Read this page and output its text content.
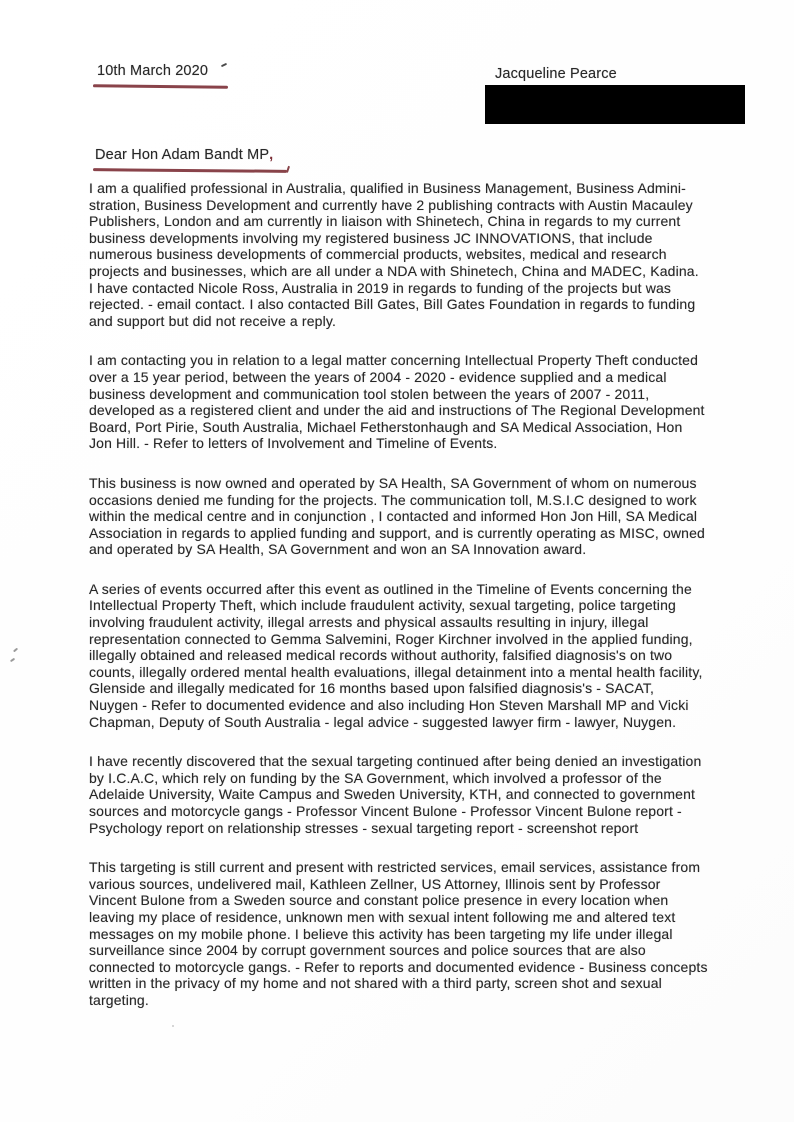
10th March 2020	Jacqueline Pearce
Dear Hon Adam Bandt MP,
I am a qualified professional in Australia, qualified in Business Management, Business Admini-
stration, Business Development and currently have 2 publishing contracts with Austin Macauley
Publishers, London and am currently in liaison with Shinetech, China in regards to my current
business developments involving my registered business JC INNOVATIONS, that include
numerous business developments of commercial products, websites, medical and research
projects and businesses, which are all under a NDA with Shinetech, China and MADEC, Kadina.
I have contacted Nicole Ross, Australia in 2019 in regards to funding of the projects but was
rejected. - email contact. I also contacted Bill Gates, Bill Gates Foundation in regards to funding
and support but did not receive a reply.
I am contacting you in relation to a legal matter concerning Intellectual Property Theft conducted
over a 15 year period, between the years of 2004 - 2020 - evidence supplied and a medical
business development and communication tool stolen between the years of 2007 - 2011,
developed as a registered client and under the aid and instructions of The Regional Development
Board, Port Pirie, South Australia, Michael Fetherstonhaugh and SA Medical Association, Hon
Jon Hill. - Refer to letters of Involvement and Timeline of Events.
This business is now owned and operated by SA Health, SA Government of whom on numerous
occasions denied me funding for the projects. The communication toll, M.S.I.C designed to work
within the medical centre and in conjunction , I contacted and informed Hon Jon Hill, SA Medical
Association in regards to applied funding and support, and is currently operating as MISC, owned
and operated by SA Health, SA Government and won an SA Innovation award.
A series of events occurred after this event as outlined in the Timeline of Events concerning the
Intellectual Property Theft, which include fraudulent activity, sexual targeting, police targeting
involving fraudulent activity, illegal arrests and physical assaults resulting in injury, illegal
representation connected to Gemma Salvemini, Roger Kirchner involved in the applied funding,
illegally obtained and released medical records without authority, falsified diagnosis's on two
counts, illegally ordered mental health evaluations, illegal detainment into a mental health facility,
Glenside and illegally medicated for 16 months based upon falsified diagnosis's - SACAT,
Nuygen - Refer to documented evidence and also including Hon Steven Marshall MP and Vicki
Chapman, Deputy of South Australia - legal advice - suggested lawyer firm - lawyer, Nuygen.
I have recently discovered that the sexual targeting continued after being denied an investigation
by I.C.A.C, which rely on funding by the SA Government, which involved a professor of the
Adelaide University, Waite Campus and Sweden University, KTH, and connected to government
sources and motorcycle gangs - Professor Vincent Bulone - Professor Vincent Bulone report -
Psychology report on relationship stresses - sexual targeting report - screenshot report
This targeting is still current and present with restricted services, email services, assistance from
various sources, undelivered mail, Kathleen Zellner, US Attorney, Illinois sent by Professor
Vincent Bulone from a Sweden source and constant police presence in every location when
leaving my place of residence, unknown men with sexual intent following me and altered text
messages on my mobile phone. I believe this activity has been targeting my life under illegal
surveillance since 2004 by corrupt government sources and police sources that are also
connected to motorcycle gangs. - Refer to reports and documented evidence - Business concepts
written in the privacy of my home and not shared with a third party, screen shot and sexual
targeting.
